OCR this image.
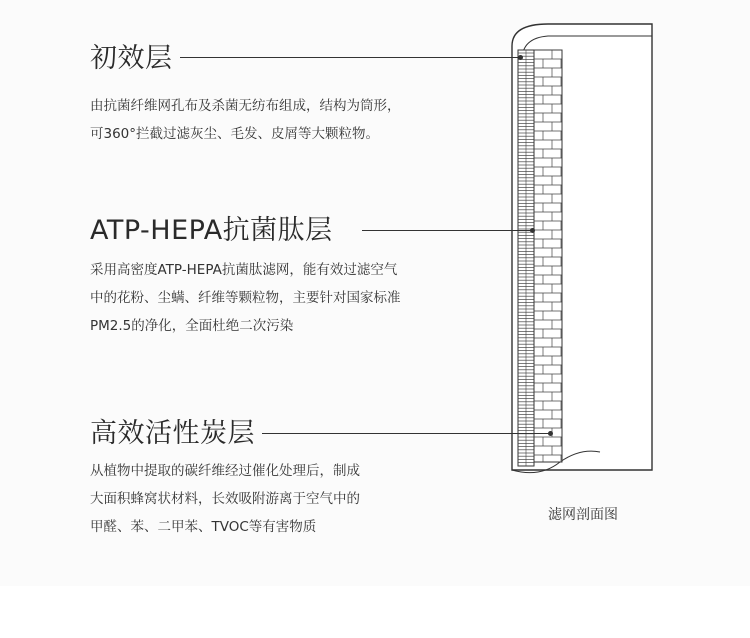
初效层
由抗菌纤维网孔布及杀菌无纺布组成，结构为筒形，
可360°拦截过滤灰尘、毛发、皮屑等大颗粒物。
ATP-HEPA抗菌肽层
采用高密度ATP-HEPA抗菌肽滤网，能有效过滤空气
中的花粉、尘螨、纤维等颗粒物，主要针对国家标准
PM2.5的净化，全面杜绝二次污染
高效活性炭层
从植物中提取的碳纤维经过催化处理后，制成
大面积蜂窝状材料，长效吸附游离于空气中的
甲醛、苯、二甲苯、TVOC等有害物质
滤网剖面图
